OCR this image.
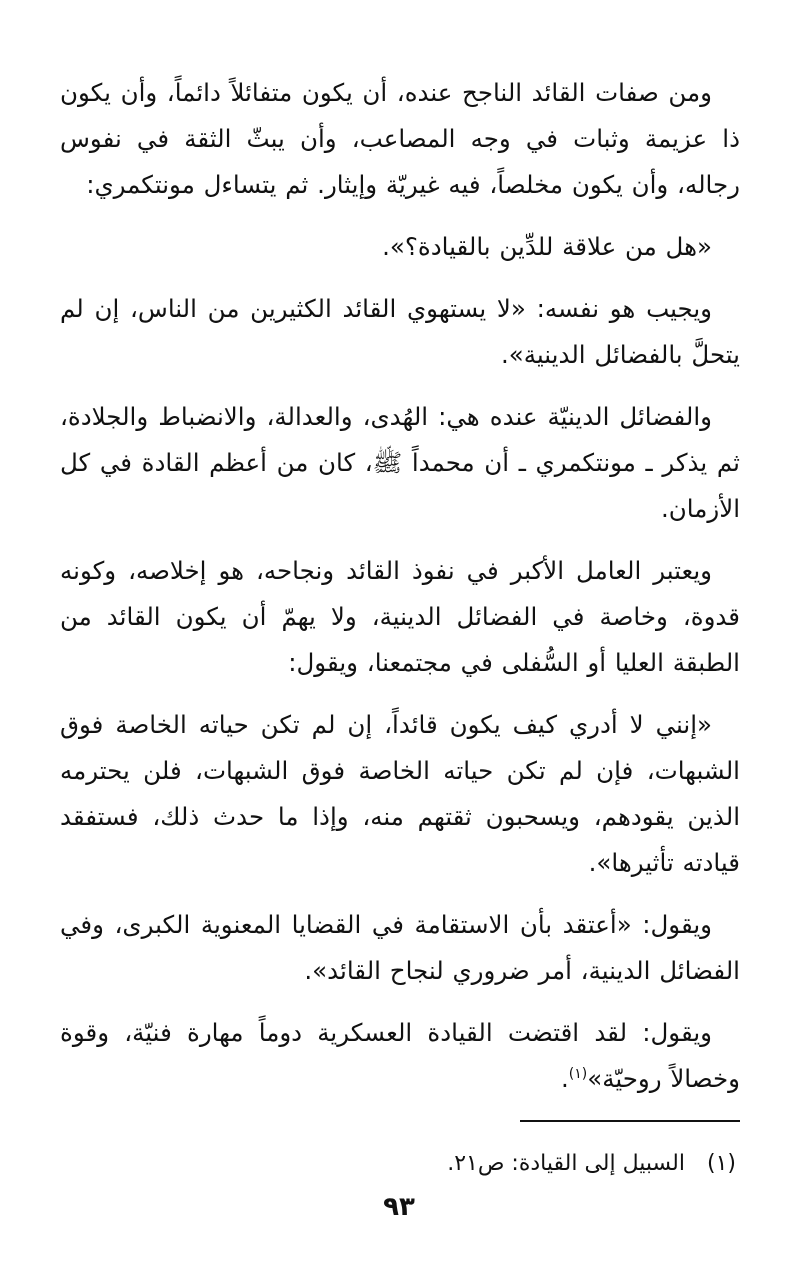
ومن صفات القائد الناجح عنده، أن يكون متفائلاً دائماً، وأن يكون ذا عزيمة وثبات في وجه المصاعب، وأن يبثّ الثقة في نفوس رجاله، وأن يكون مخلصاً، فيه غيريّة وإيثار. ثم يتساءل مونتكمري:

«هل من علاقة للدِّين بالقيادة؟».

ويجيب هو نفسه: «لا يستهوي القائد الكثيرين من الناس، إن لم يتحلَّ بالفضائل الدينية».

والفضائل الدينيّة عنده هي: الهُدى، والعدالة، والانضباط والجلادة، ثم يذكر ـ مونتكمري ـ أن محمداً ﷺ، كان من أعظم القادة في كل الأزمان.

ويعتبر العامل الأكبر في نفوذ القائد ونجاحه، هو إخلاصه، وكونه قدوة، وخاصة في الفضائل الدينية، ولا يهمّ أن يكون القائد من الطبقة العليا أو السُّفلى في مجتمعنا، ويقول:

«إنني لا أدري كيف يكون قائداً، إن لم تكن حياته الخاصة فوق الشبهات، فإن لم تكن حياته الخاصة فوق الشبهات، فلن يحترمه الذين يقودهم، ويسحبون ثقتهم منه، وإذا ما حدث ذلك، فستفقد قيادته تأثيرها».

ويقول: «أعتقد بأن الاستقامة في القضايا المعنوية الكبرى، وفي الفضائل الدينية، أمر ضروري لنجاح القائد».

ويقول: لقد اقتضت القيادة العسكرية دوماً مهارة فنيّة، وقوة وخصالاً روحيّة»$^{(١)}$.

(١)السبيل إلى القيادة: ص٢١.
٩٣
